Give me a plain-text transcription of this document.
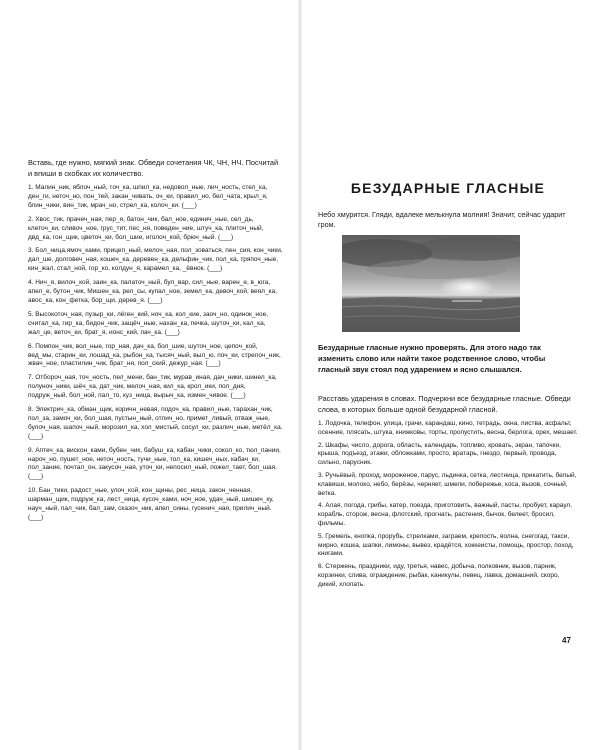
Вставь, где нужно, мягкий знак. Обведи сочетания ЧК, ЧН, НЧ. Посчитай и впиши в скобках их количество.

1. Малин_ник, яблоч_ный, точ_ка, шпил_ка, недовол_ные, лич_ность, стел_ка, ден_ги, неточ_но, пон_тей, закан_чивать, оч_ки, правил_но, бел_чата, крыл_я, блин_чики, вин_тик, мрач_но, стрел_ка, колоч_ки. (___)

2. Хвос_тик, прачеч_ная, пер_я, батон_чик, бал_ное, единич_ные, сел_дь, клеточ_ки, сливоч_ное, грус_тит, пес_ня, поведен_ние, штуч_ка, плиточ_ный, двд_ка, гон_щик, цветоч_ки, бол_шие, иголоч_кой, брюч_ный. (___)

3. Бол_ница,ямоч_ками, прицеп_ный, мелоч_ная, пол_зоваться, пен_сия, кон_чики, дал_ше, долговеч_ная, кошеч_ка, деревен_ка, дельфин_чик, пол_ка, тряпоч_ные, кин_жал, стал_ной, гор_ко, колдун_я, карамел_ка, _ёвнок. (___)

4. Нич_я, вилоч_кой, заин_ка, палаточ_ный, бул_вар, сил_ные, варен_е, в_юга, апел_е, бутон_чик, Мишен_ка, рел_сы, купал_ное, земел_ка, девоч_кой, веял_ка, авос_ка, кон_фетка, бор_щи, дерев_я. (___)

5. Высокоточ_ная, пузыр_ки, лёген_кий, ноч_ка, кол_кие, заоч_но, одинок_ное, считал_ка, гир_ка, бидон_чик, защёч_ные, нахан_ка, печка, шуточ_ки, кал_ка, жал_це, веточ_ки, брат_я, ионс_кий, пач_ка. (___)

6. Помпон_чик, вол_ные, гор_ная, дач_ка, бол_шие, шуточ_ное, цепоч_кой, вед_мы, старин_ки, лошад_ка, рыбон_ка, тысяч_ный, выл_ю, поч_ки, стрелоч_ник, жвач_ное, пластилин_чик, брат_ня, пол_ский, дежур_ная. (___)

7. Отбороч_ная, точ_ность, пел_мени, бан_тик, мурав_иная, дач_ники, шинел_ка, полуноч_ники, шёч_ка, дат_чик, мелоч_ная, кил_ка, крол_ики, пол_дня, подруж_ный, бол_ной, пал_то, куз_ница, вырыч_ка, измен_чивое. (___)

8. Электрич_ка, обман_щик, коричн_невая, подоч_ка, правил_ные, тарахан_чик, пол_за, замоч_ки, бол_шая, пустын_ный, отлич_но, примет_ливый, отваж_ные, булоч_ная, шапоч_ный, морозил_ка, хол_мистый, сосул_ки, различ_ные, метёл_ка. (___)

9. Аптеч_ка, вискон_ками, бубен_чик, бабуш_ка, кабан_чики, сокол_ко, тюл_пании, нароч_но, пушет_ное, неточ_ность, тучи_ные, тол_ка, кишеч_ных, кабач_ки, пол_зание, почтал_он, закусоч_ная, уточ_ки, непосил_ный, пожел_тает, бол_шая. (___)

10. Бан_тики, радост_ные, улоч_кой, кон_щины, рес_ница, закон_ченная, шарман_щик, подруж_ка, лест_ница, кусоч_ками, ноч_ное, удач_ный, шишеч_ку, науч_ный, пал_чик, бал_зам, сказоч_ник, апел_сины, гусенич_ная, прилич_ный. (___)

БЕЗУДАРНЫЕ ГЛАСНЫЕ

Небо хмурится. Гляди, вдалеке мелькнула молния! Значит, сейчас ударит гром.

Безударные гласные нужно проверять. Для этого надо так изменить слово или найти такое родственное слово, чтобы гласный звук стоял под ударением и ясно слышался.

Расставь ударения в словах. Подчеркни все безударные гласные. Обведи слова, в которых больше одной безударной гласной.

1. Лодочка, телефон, улица, грачи, карандаш, кино, тетрадь, окна, листва, асфальт, осенние, плясать, штука, книжковы, торты, пропустить, весна, берлога, орех, мешает.

2. Шкафы, число, дорога, область, календарь, топливо, кровать, экран, тапочки, крыша, подъезд, этажи, обложками, просто, вратарь, гнездо, первый, провода, сильно, парусник.

3. Ручьёвый, проход, мороженое, парус, льдинка, сетка, лестница, прикатить, белый, клавиши, молоко, небо, берёзы, черняет, шмели, побережье, коса, вызов, сочный, ветка.

4. Алая, погода, грибы, катер, поезда, приготовить, важный, пасты, пробует, караул, корабль, сторож, весна, флотский, прогнать, растения, бычок, белеет, бросил, фильмы.

5. Гремель, кнопка, прорубь, стрелками, заграем, крепость, волна, снегогад, такси, мирно, кошка, шапки, лимоны, вывез, крадётся, хоккеисты, помощь, простор, поход, книгами.

6. Стержень, праздники, иду, третья, навес, добыча, полковник, вызов, парник, корзинки, слива, ограждение, рыбак, каникулы, певец, лавка, домашний, скоро, дикий, хлопать.

47
